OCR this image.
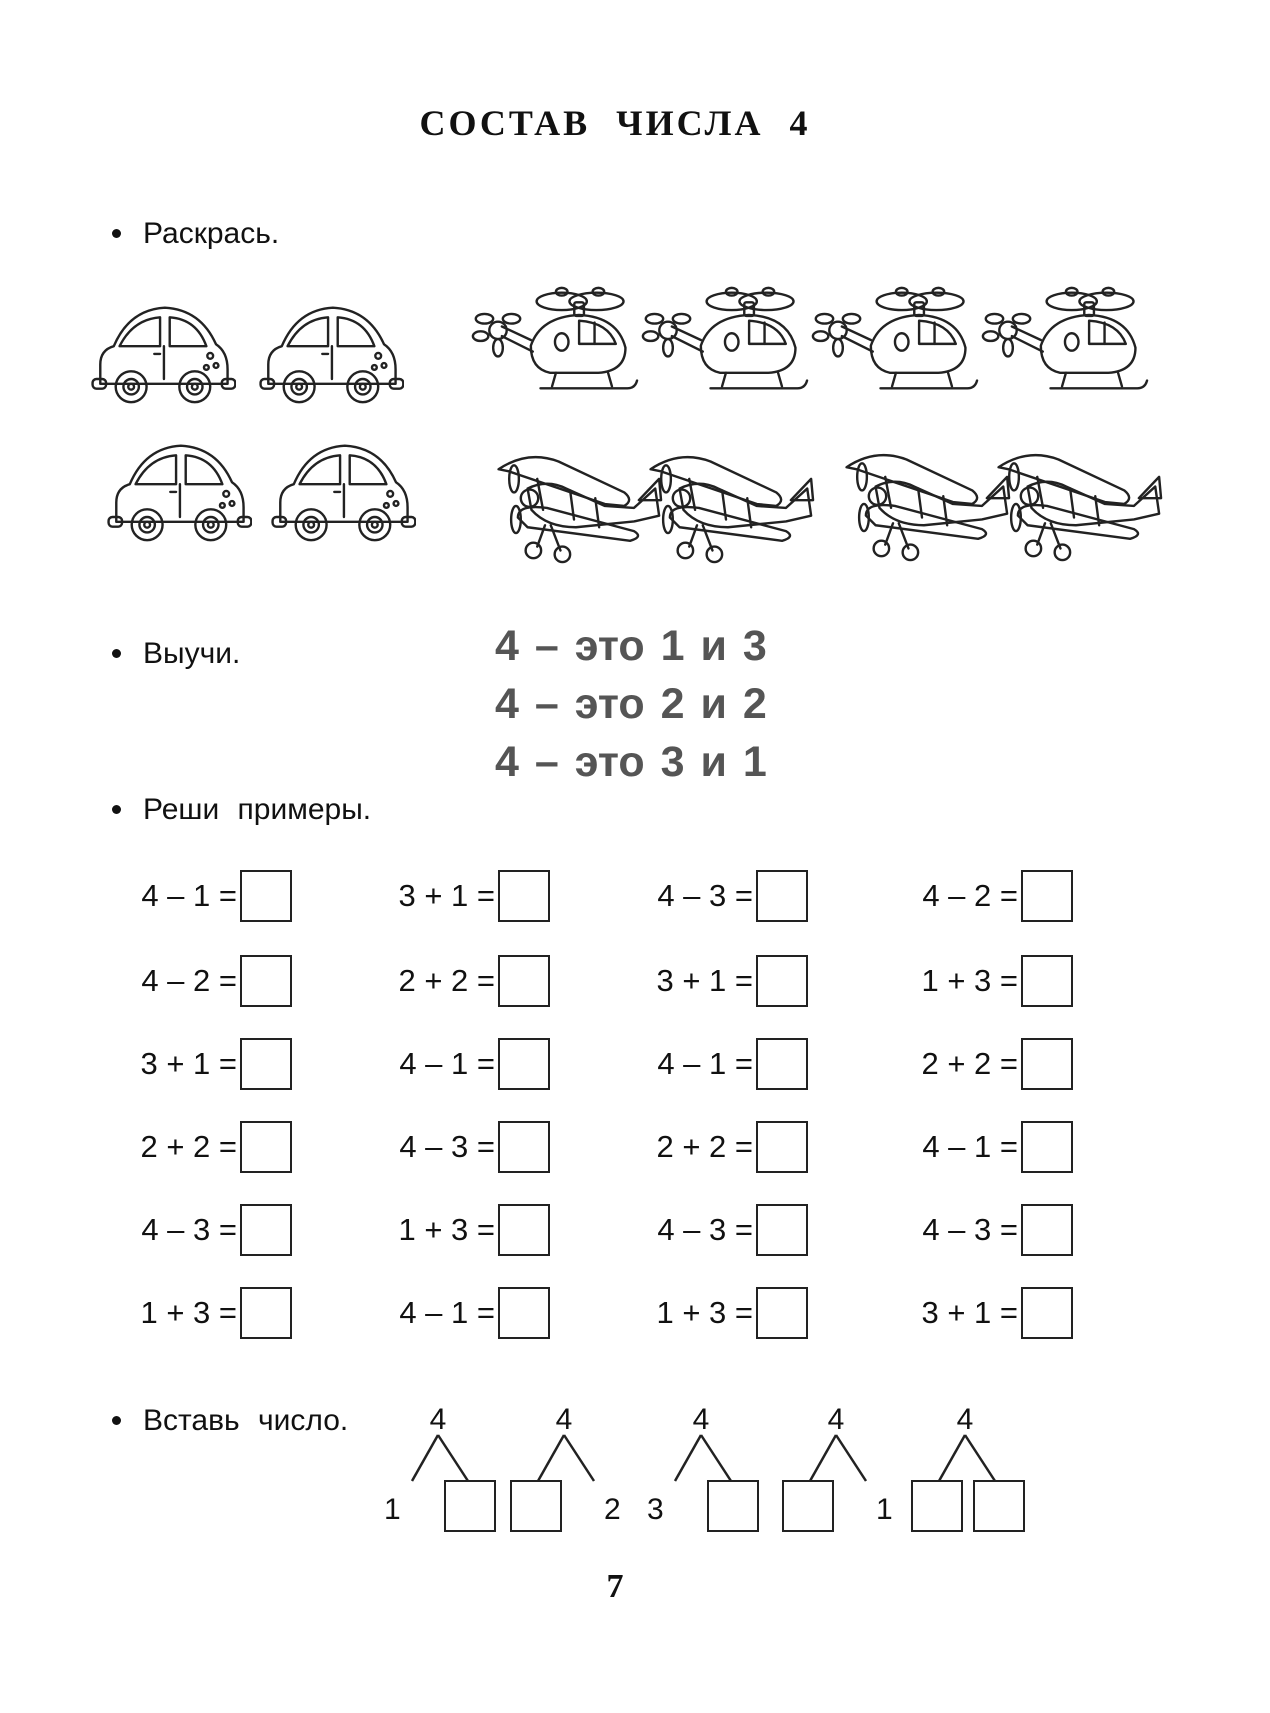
СОСТАВ ЧИСЛА 4
Раскрась.
Выучи.	4 – это 1 и 3
4 – это 2 и 2
4 – это 3 и 1
Реши примеры.
4 – 1 =	3 + 1 =	4 – 3 =	4 – 2 =
4 – 2 =	2 + 2 =	3 + 1 =	1 + 3 =
3 + 1 =	4 – 1 =	4 – 1 =	2 + 2 =
2 + 2 =	4 – 3 =	2 + 2 =	4 – 1 =
4 – 3 =	1 + 3 =	4 – 3 =	4 – 3 =
1 + 3 =	4 – 1 =	1 + 3 =	3 + 1 =
Вставь число.	4
1
4
2
4
3
4
1
4
7
